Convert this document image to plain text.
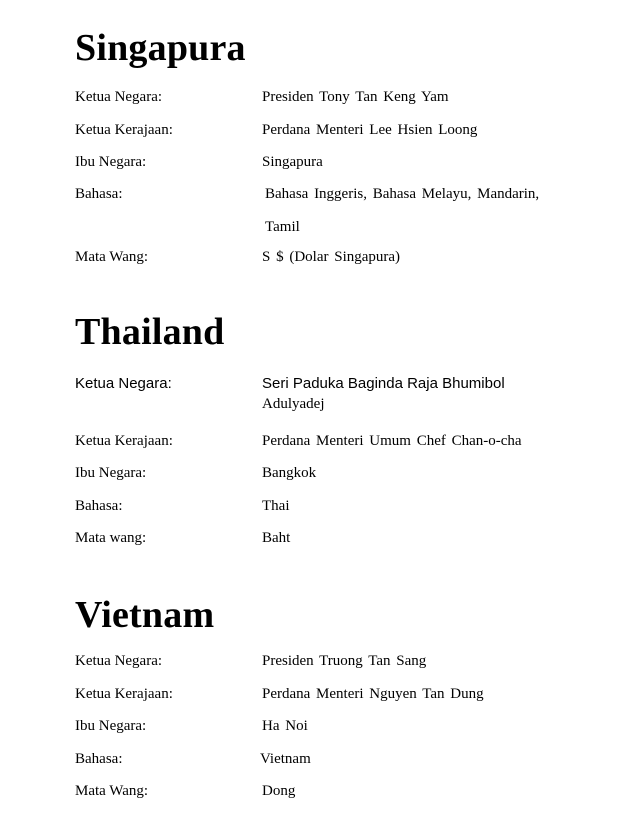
Singapura
Ketua Negara:	Presiden Tony Tan Keng Yam
Ketua Kerajaan:	Perdana Menteri Lee Hsien Loong
Ibu Negara:	Singapura
Bahasa:	Bahasa Inggeris, Bahasa Melayu, Mandarin,
Tamil
Mata Wang:	S $ (Dolar Singapura)
Thailand
Ketua Negara:	Seri Paduka Baginda Raja Bhumibol
Adulyadej
Ketua Kerajaan:	Perdana Menteri Umum Chef Chan-o-cha
Ibu Negara:	Bangkok
Bahasa:	Thai
Mata wang:	Baht
Vietnam
Ketua Negara:	Presiden Truong Tan Sang
Ketua Kerajaan:	Perdana Menteri Nguyen Tan Dung
Ibu Negara:	Ha Noi
Bahasa:	Vietnam
Mata Wang:	Dong
